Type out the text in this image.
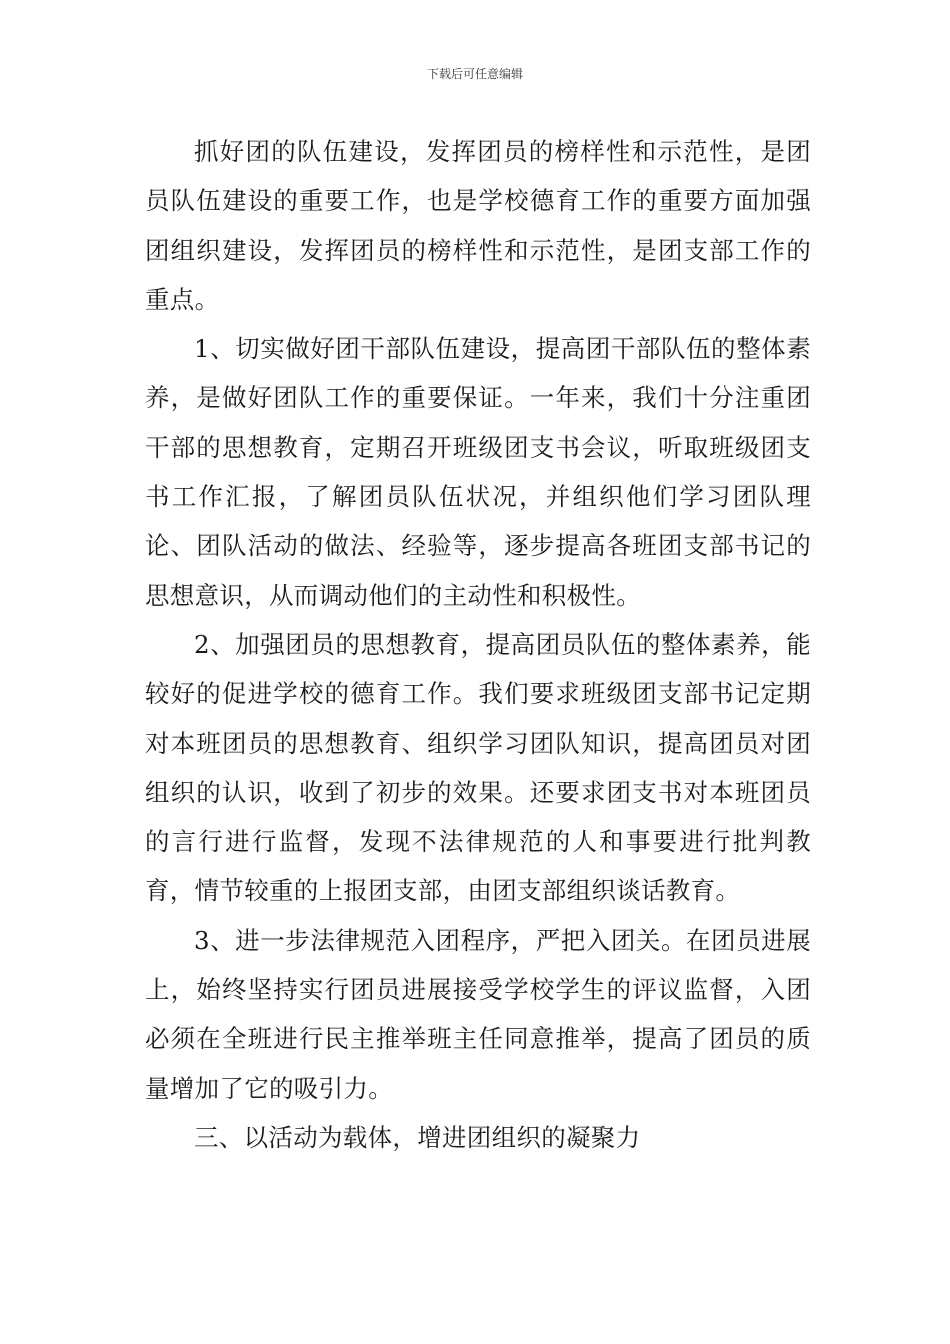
下载后可任意编辑

抓好团的队伍建设，发挥团员的榜样性和示范性，是团员队伍建设的重要工作，也是学校德育工作的重要方面加强团组织建设，发挥团员的榜样性和示范性，是团支部工作的重点。

1、切实做好团干部队伍建设，提高团干部队伍的整体素养，是做好团队工作的重要保证。一年来，我们十分注重团干部的思想教育，定期召开班级团支书会议，听取班级团支书工作汇报，了解团员队伍状况，并组织他们学习团队理论、团队活动的做法、经验等，逐步提高各班团支部书记的思想意识，从而调动他们的主动性和积极性。

2、加强团员的思想教育，提高团员队伍的整体素养，能较好的促进学校的德育工作。我们要求班级团支部书记定期对本班团员的思想教育、组织学习团队知识，提高团员对团组织的认识，收到了初步的效果。还要求团支书对本班团员的言行进行监督，发现不法律规范的人和事要进行批判教育，情节较重的上报团支部，由团支部组织谈话教育。

3、进一步法律规范入团程序，严把入团关。在团员进展上，始终坚持实行团员进展接受学校学生的评议监督，入团必须在全班进行民主推举班主任同意推举，提高了团员的质量增加了它的吸引力。

三、以活动为载体，增进团组织的凝聚力
